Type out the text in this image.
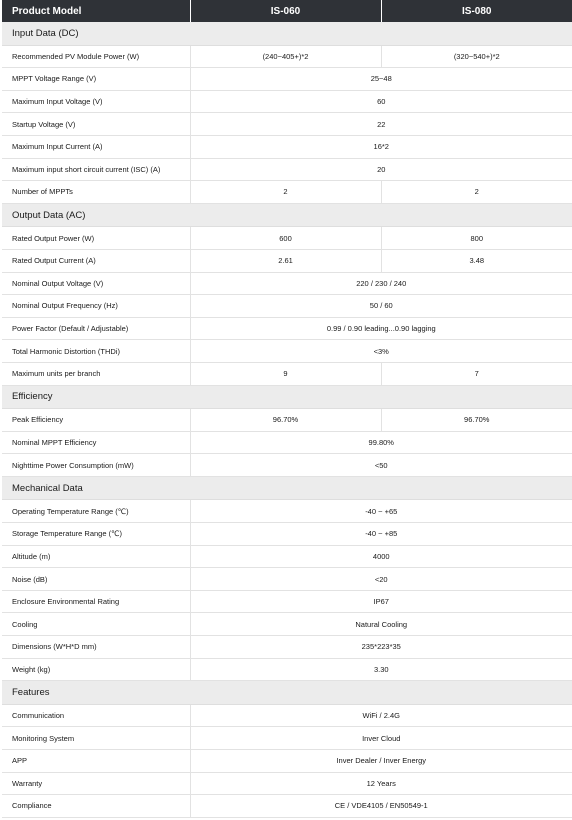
Product Model	IS-060	IS-080
Input Data (DC)		
Recommended PV Module Power (W)	(240~405+)*2	(320~540+)*2
MPPT Voltage Range (V)	25~48	
Maximum Input Voltage (V)	60	
Startup Voltage (V)	22	
Maximum Input Current (A)	16*2	
Maximum input short circuit current (ISC) (A)	20	
Number of MPPTs	2	2
Output Data (AC)		
Rated Output Power (W)	600	800
Rated Output Current (A)	2.61	3.48
Nominal Output Voltage (V)	220 / 230 / 240	
Nominal Output Frequency (Hz)	50 / 60	
Power Factor (Default / Adjustable)	0.99 / 0.90 leading...0.90 lagging	
Total Harmonic Distortion (THDi)	<3%	
Maximum units per branch	9	7
Efficiency		
Peak Efficiency	96.70%	96.70%
Nominal MPPT Efficiency	99.80%	
Nighttime Power Consumption (mW)	<50	
Mechanical Data		
Operating Temperature Range (℃)	-40 ~ +65	
Storage Temperature Range (℃)	-40 ~ +85	
Altitude (m)	4000	
Noise (dB)	<20	
Enclosure Environmental Rating	IP67	
Cooling	Natural Cooling	
Dimensions (W*H*D mm)	235*223*35	
Weight (kg)	3.30	
Features		
Communication	WiFi / 2.4G	
Monitoring System	Inver Cloud	
APP	Inver Dealer / Inver Energy	
Warranty	12 Years	
Compliance	CE / VDE4105 / EN50549-1	
